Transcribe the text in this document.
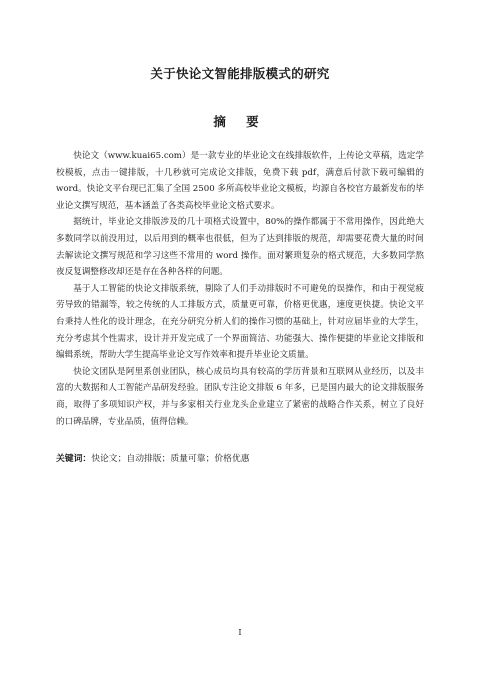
关于快论文智能排版模式的研究
摘 要

快论文（www.kuai65.com）是一款专业的毕业论文在线排版软件，上传论文草稿，选定学校模板，点击一键排版，十几秒就可完成论文排版，免费下载 pdf，满意后付款下载可编辑的 word。快论文平台现已汇集了全国 2500 多所高校毕业论文模板，均源自各校官方最新发布的毕业论文撰写规范，基本涵盖了各类高校毕业论文格式要求。

据统计，毕业论文排版涉及的几十项格式设置中，80%的操作都属于不常用操作，因此绝大多数同学以前没用过，以后用到的概率也很低，但为了达到排版的规范，却需要花费大量的时间去解读论文撰写规范和学习这些不常用的 word 操作。面对繁琐复杂的格式规范，大多数同学熬夜反复调整修改却还是存在各种各样的问题。

基于人工智能的快论文排版系统，剔除了人们手动排版时不可避免的误操作，和由于视觉疲劳导致的错漏等，较之传统的人工排版方式，质量更可靠，价格更优惠，速度更快捷。快论文平台秉持人性化的设计理念，在充分研究分析人们的操作习惯的基础上，针对应届毕业的大学生，充分考虑其个性需求，设计并开发完成了一个界面简洁、功能强大、操作便捷的毕业论文排版和编辑系统，帮助大学生提高毕业论文写作效率和提升毕业论文质量。

快论文团队是阿里系创业团队，核心成员均具有较高的学历背景和互联网从业经历，以及丰富的大数据和人工智能产品研发经验。团队专注论文排版 6 年多，已是国内最大的论文排版服务商，取得了多项知识产权，并与多家相关行业龙头企业建立了紧密的战略合作关系，树立了良好的口碑品牌，专业品质，值得信赖。

关键词：快论文；自动排版；质量可靠；价格优惠
I
